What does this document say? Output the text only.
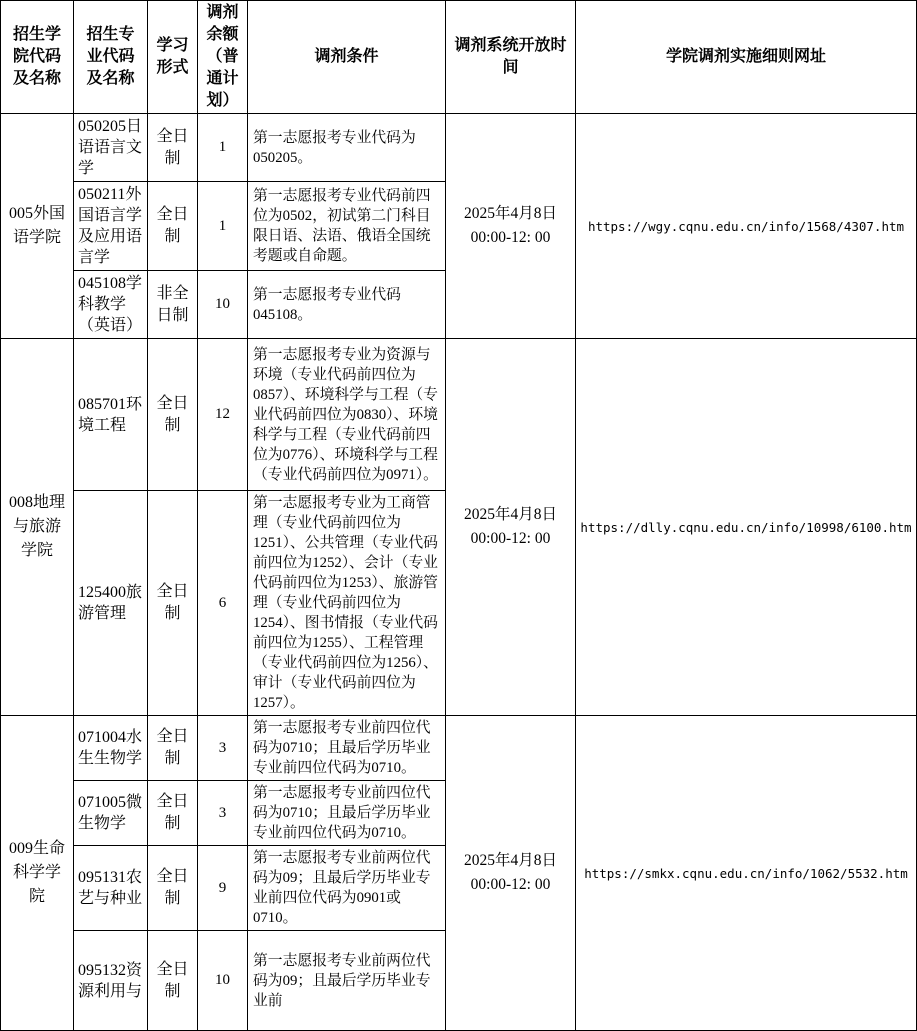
招生学院代码及名称	招生专业代码及名称	学习形式	调剂余额（普通计划）	调剂条件	调剂系统开放时间	学院调剂实施细则网址
005外国语学院	050205日语语言文学	全日制	1	第一志愿报考专业代码为050205。	2025年4月8日
00:00-12: 00	https://wgy.cqnu.edu.cn/info/1568/4307.htm
	050211外国语言学及应用语言学	全日制	1	第一志愿报考专业代码前四位为0502，初试第二门科目限日语、法语、俄语全国统考题或自命题。		
	045108学科教学（英语）	非全日制	10	第一志愿报考专业代码045108。		
008地理与旅游学院	085701环境工程	全日制	12	第一志愿报考专业为资源与环境（专业代码前四位为0857）、环境科学与工程（专业代码前四位为0830）、环境科学与工程（专业代码前四位为0776）、环境科学与工程（专业代码前四位为0971）。	2025年4月8日
00:00-12: 00	https://dlly.cqnu.edu.cn/info/10998/6100.htm
	125400旅游管理	全日制	6	第一志愿报考专业为工商管理（专业代码前四位为1251）、公共管理（专业代码前四位为1252）、会计（专业代码前四位为1253）、旅游管理（专业代码前四位为1254）、图书情报（专业代码前四位为1255）、工程管理（专业代码前四位为1256）、审计（专业代码前四位为1257）。		
009生命科学学院	071004水生生物学	全日制	3	第一志愿报考专业前四位代码为0710；且最后学历毕业专业前四位代码为0710。	2025年4月8日
00:00-12: 00	https://smkx.cqnu.edu.cn/info/1062/5532.htm
	071005微生物学	全日制	3	第一志愿报考专业前四位代码为0710；且最后学历毕业专业前四位代码为0710。		
	095131农艺与种业	全日制	9	第一志愿报考专业前两位代码为09；且最后学历毕业专业前四位代码为0901或0710。		
	095132资源利用与	全日制	10	第一志愿报考专业前两位代码为09；且最后学历毕业专业前		
